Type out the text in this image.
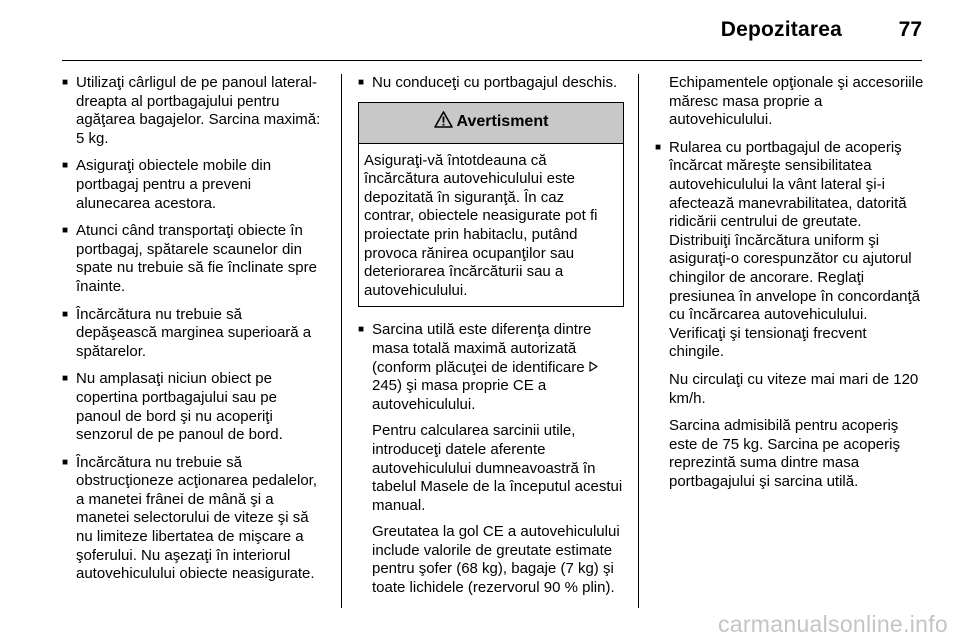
Depozitarea	77
■ Utilizaţi cârligul de pe panoul lateral-dreapta al portbagajului pentru agăţarea bagajelor. Sarcina maximă: 5 kg.
■ Asiguraţi obiectele mobile din portbagaj pentru a preveni alunecarea acestora.
■ Atunci când transportaţi obiecte în portbagaj, spătarele scaunelor din spate nu trebuie să fie înclinate spre înainte.
■ Încărcătura nu trebuie să depăşească marginea superioară a spătarelor.
■ Nu amplasaţi niciun obiect pe copertina portbagajului sau pe panoul de bord şi nu acoperiţi senzorul de pe panoul de bord.
■ Încărcătura nu trebuie să obstrucţioneze acţionarea pedalelor, a manetei frânei de mână şi a manetei selectorului de viteze şi să nu limiteze libertatea de mişcare a şoferului. Nu aşezaţi în interiorul autovehiculului obiecte neasigurate.
■ Nu conduceţi cu portbagajul deschis.
Avertisment
Asiguraţi-vă întotdeauna că încărcătura autovehiculului este depozitată în siguranţă. În caz contrar, obiectele neasigurate pot fi proiectate prin habitaclu, putând provoca rănirea ocupanţilor sau deteriorarea încărcăturii sau a autovehiculului.
■ Sarcina utilă este diferenţa dintre masa totală maximă autorizată (conform plăcuţei de identificare  245) şi masa proprie CE a autovehiculului.
Pentru calcularea sarcinii utile, introduceţi datele aferente autovehiculului dumneavoastră în tabelul Masele de la începutul acestui manual.
Greutatea la gol CE a autovehiculului include valorile de greutate estimate pentru şofer (68 kg), bagaje (7 kg) şi toate lichidele (rezervorul 90 % plin).
Echipamentele opţionale şi accesoriile măresc masa proprie a autovehiculului.
■ Rularea cu portbagajul de acoperiş încărcat măreşte sensibilitatea autovehiculului la vânt lateral şi-i afectează manevrabilitatea, datorită ridicării centrului de greutate. Distribuiţi încărcătura uniform şi asiguraţi-o corespunzător cu ajutorul chingilor de ancorare. Reglaţi presiunea în anvelope în concordanţă cu încărcarea autovehiculului. Verificaţi şi tensionaţi frecvent chingile.
Nu circulaţi cu viteze mai mari de 120 km/h.
Sarcina admisibilă pentru acoperiş este de 75 kg. Sarcina pe acoperiş reprezintă suma dintre masa portbagajului şi sarcina utilă.
carmanualsonline.info
